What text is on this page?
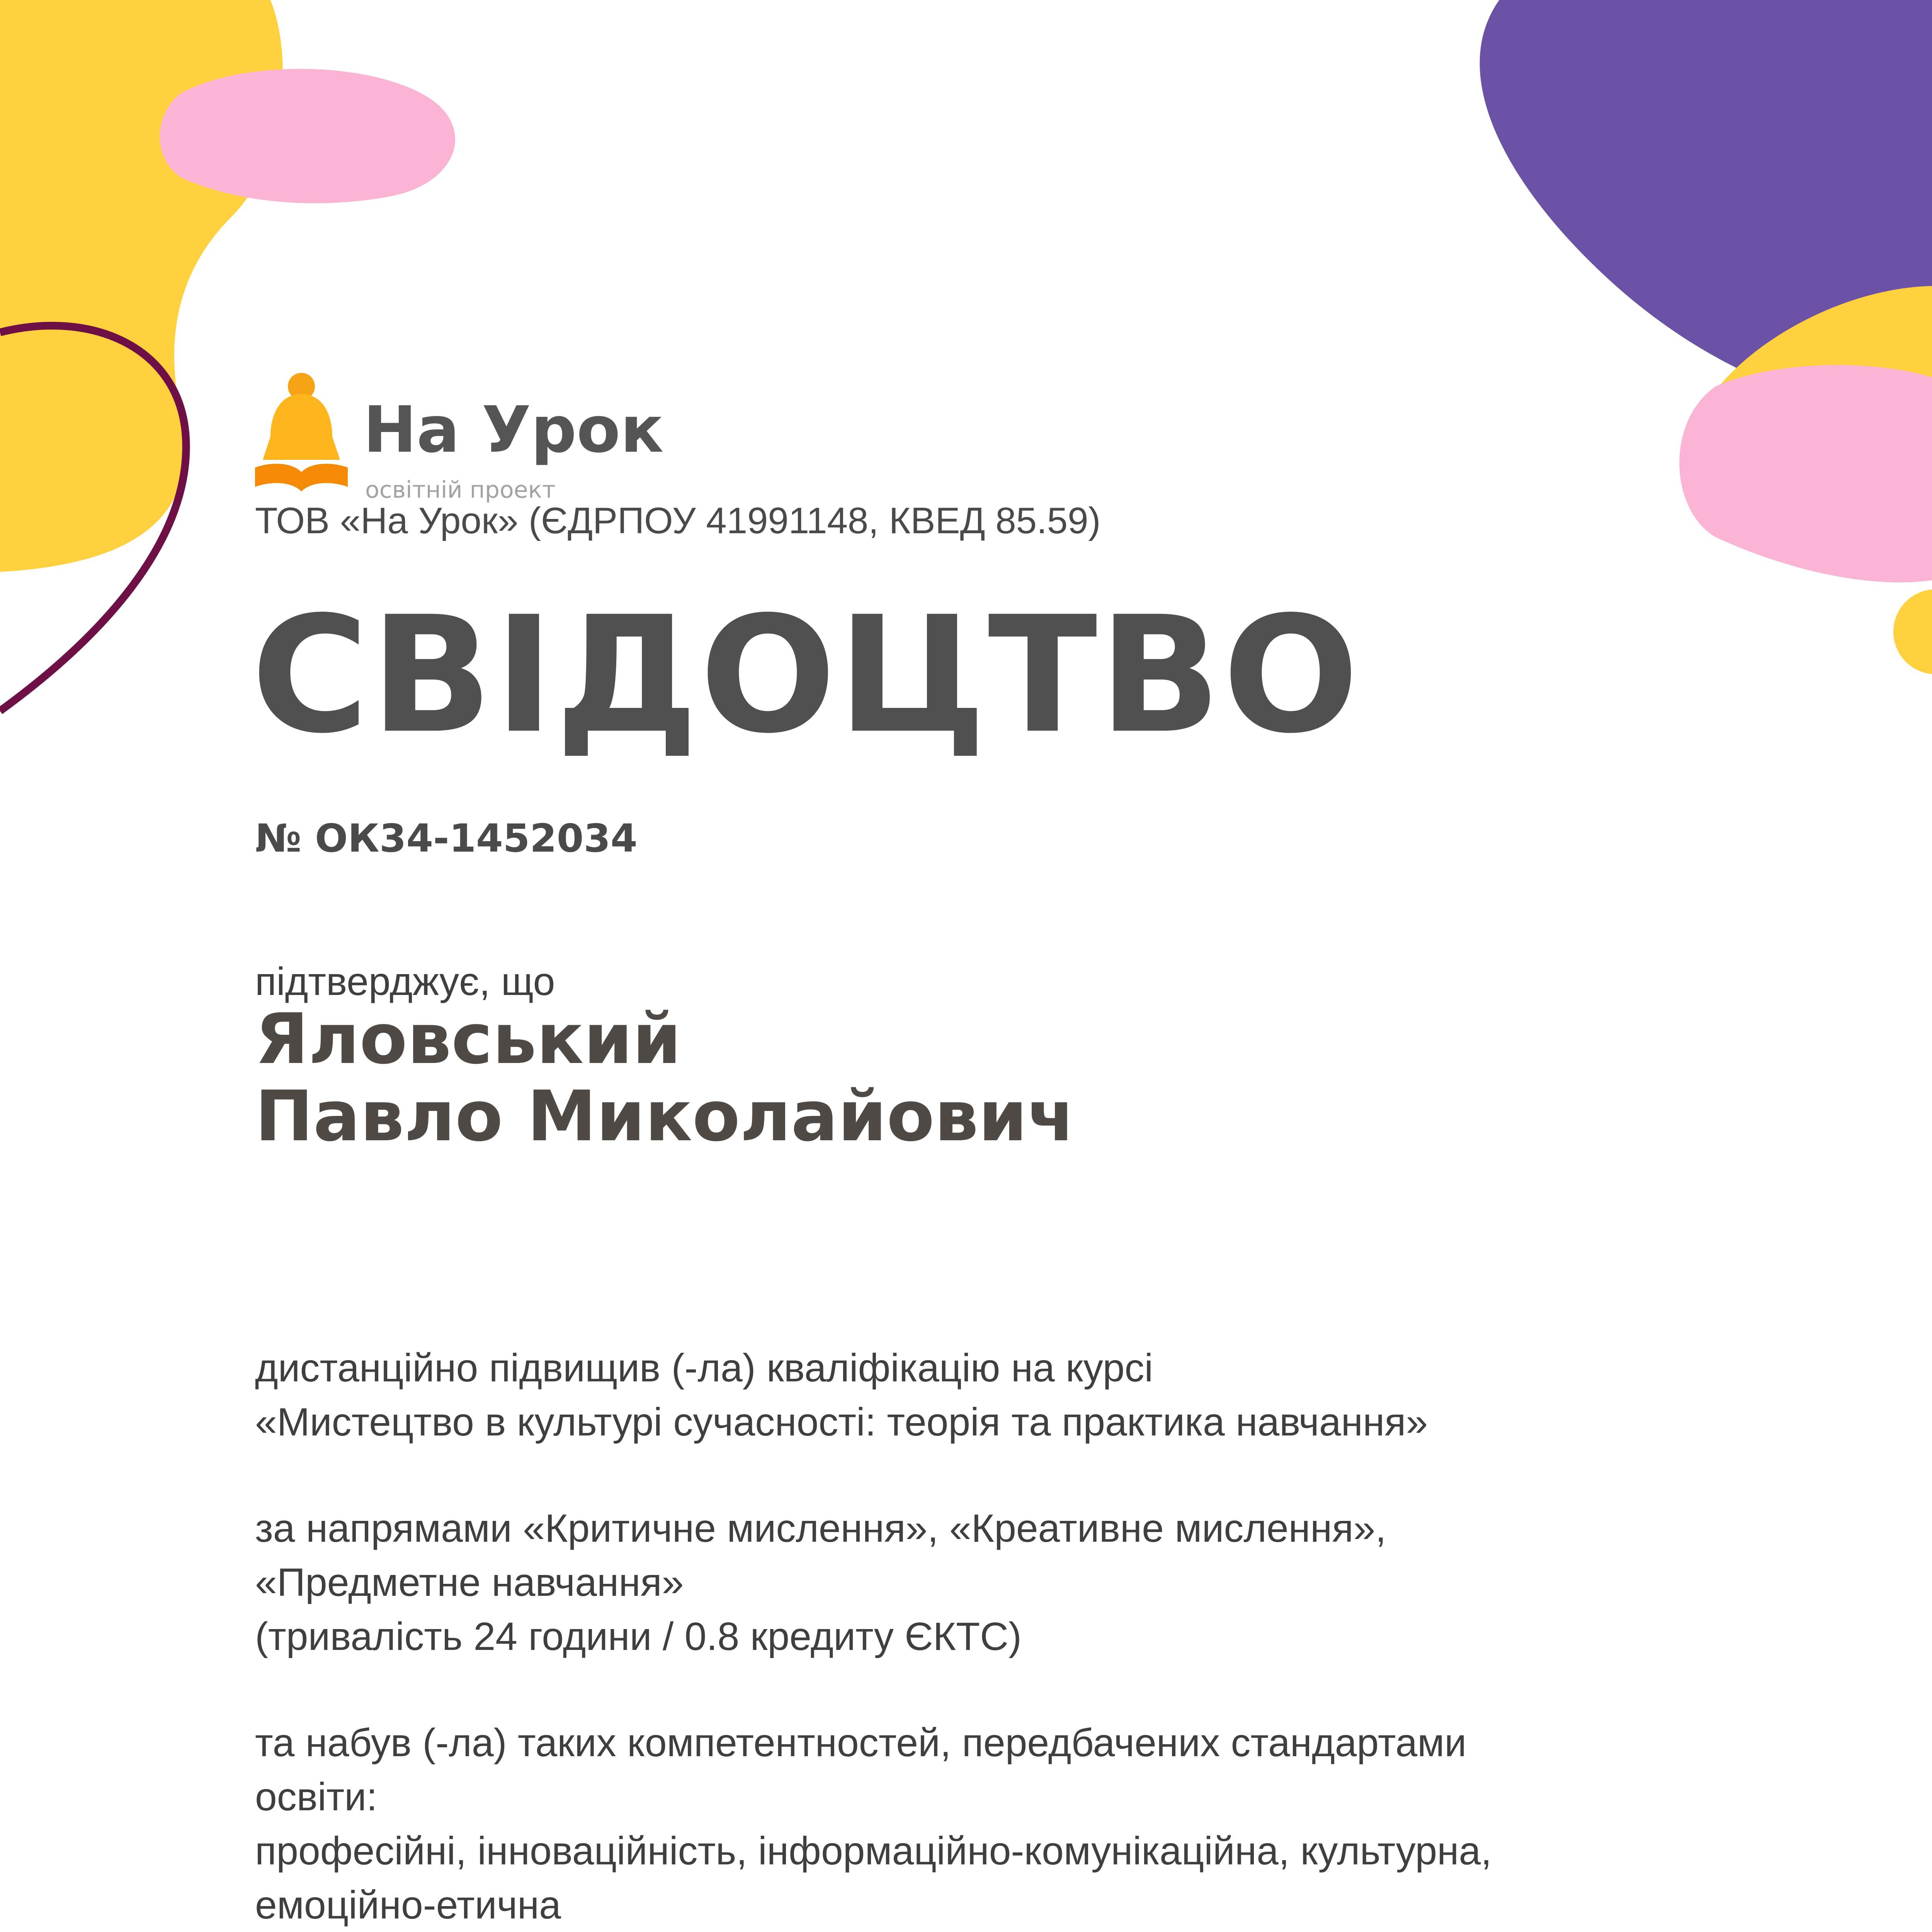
На Урок
освітній проект
ТОВ «На Урок» (ЄДРПОУ 41991148, КВЕД 85.59)
СВІДОЦТВО
№ ОК34-1452034
підтверджує, що
Яловський
Павло Миколайович
дистанційно підвищив (-ла) кваліфікацію на курсі
«Мистецтво в культурі сучасності: теорія та практика навчання»
за напрямами «Критичне мислення», «Креативне мислення»,
«Предметне навчання»
(тривалість 24 години / 0.8 кредиту ЄКТС)
та набув (-ла) таких компетентностей, передбачених стандартами
освіти:
професійні, інноваційність, інформаційно-комунікаційна, культурна,
емоційно-етична
